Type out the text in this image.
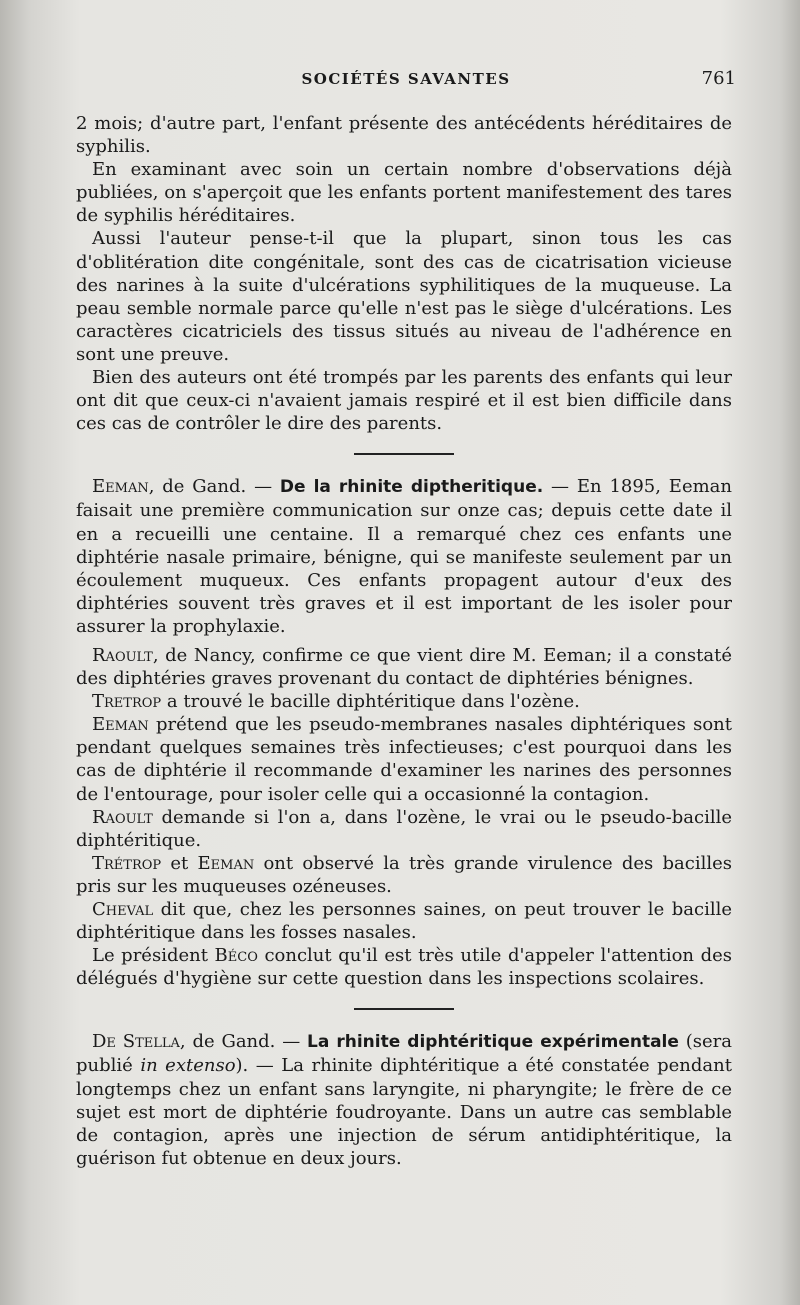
SOCIÉTÉS SAVANTES	761

2 mois; d'autre part, l'enfant présente des antécédents héréditaires de syphilis.

En examinant avec soin un certain nombre d'observations déjà publiées, on s'aperçoit que les enfants portent manifestement des tares de syphilis héréditaires.

Aussi l'auteur pense-t-il que la plupart, sinon tous les cas d'oblitération dite congénitale, sont des cas de cicatrisation vicieuse des narines à la suite d'ulcérations syphilitiques de la muqueuse. La peau semble normale parce qu'elle n'est pas le siège d'ulcérations. Les caractères cicatriciels des tissus situés au niveau de l'adhérence en sont une preuve.

Bien des auteurs ont été trompés par les parents des enfants qui leur ont dit que ceux-ci n'avaient jamais respiré et il est bien difficile dans ces cas de contrôler le dire des parents.

Eeman, de Gand. — De la rhinite diptheritique. — En 1895, Eeman faisait une première communication sur onze cas; depuis cette date il en a recueilli une centaine. Il a remarqué chez ces enfants une diphtérie nasale primaire, bénigne, qui se manifeste seulement par un écoulement muqueux. Ces enfants propagent autour d'eux des diphtéries souvent très graves et il est important de les isoler pour assurer la prophylaxie.

Raoult, de Nancy, confirme ce que vient dire M. Eeman; il a constaté des diphtéries graves provenant du contact de diphtéries bénignes.

Tretrop a trouvé le bacille diphtéritique dans l'ozène.

Eeman prétend que les pseudo-membranes nasales diphtériques sont pendant quelques semaines très infectieuses; c'est pourquoi dans les cas de diphtérie il recommande d'examiner les narines des personnes de l'entourage, pour isoler celle qui a occasionné la contagion.

Raoult demande si l'on a, dans l'ozène, le vrai ou le pseudo-bacille diphtéritique.

Trétrop et Eeman ont observé la très grande virulence des bacilles pris sur les muqueuses ozéneuses.

Cheval dit que, chez les personnes saines, on peut trouver le bacille diphtéritique dans les fosses nasales.

Le président Béco conclut qu'il est très utile d'appeler l'attention des délégués d'hygiène sur cette question dans les inspections scolaires.

De Stella, de Gand. — La rhinite diphtéritique expérimentale (sera publié in extenso). — La rhinite diphtéritique a été constatée pendant longtemps chez un enfant sans laryngite, ni pharyngite; le frère de ce sujet est mort de diphtérie foudroyante. Dans un autre cas semblable de contagion, après une injection de sérum antidiphtéritique, la guérison fut obtenue en deux jours.
